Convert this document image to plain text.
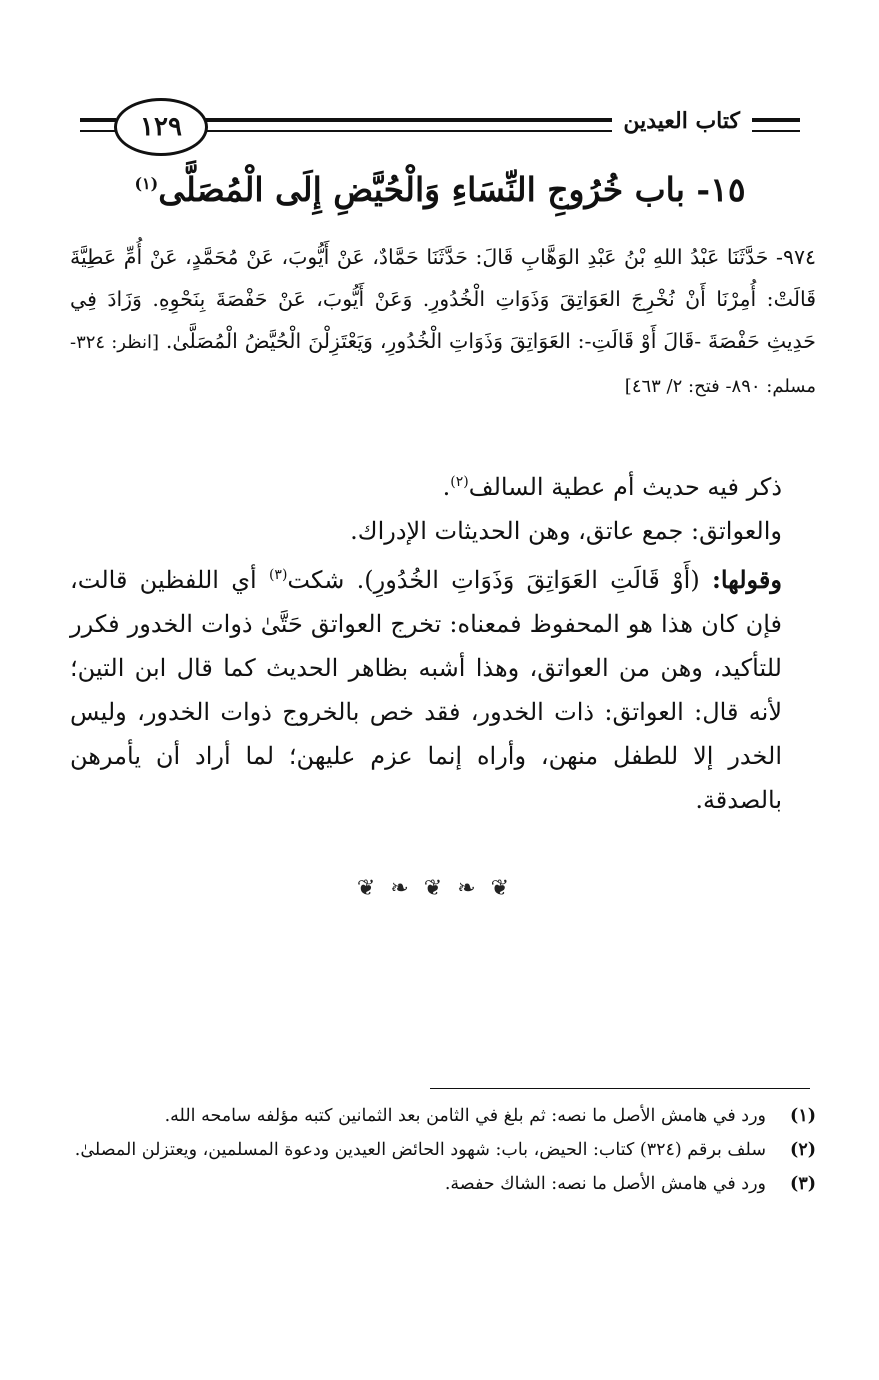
١٢٩	كتاب العيدين
١٥- باب خُرُوجِ النِّسَاءِ وَالْحُيَّضِ إِلَى الْمُصَلَّى$^{(١)}$
٩٧٤- حَدَّثَنَا عَبْدُ اللهِ بْنُ عَبْدِ الوَهَّابِ قَالَ: حَدَّثَنَا حَمَّادٌ، عَنْ أَيُّوبَ، عَنْ مُحَمَّدٍ، عَنْ أُمِّ عَطِيَّةَ قَالَتْ: أُمِرْنَا أَنْ نُخْرِجَ العَوَاتِقَ وَذَوَاتِ الْخُدُورِ. وَعَنْ أَيُّوبَ، عَنْ حَفْصَةَ بِنَحْوِهِ. وَزَادَ فِي حَدِيثِ حَفْصَةَ -قَالَ أَوْ قَالَتِ-: العَوَاتِقَ وَذَوَاتِ الْخُدُورِ، وَيَعْتَزِلْنَ الْحُيَّضُ الْمُصَلَّىٰ. [انظر: ٣٢٤- مسلم: ٨٩٠- فتح: ٢/ ٤٦٣]

ذكر فيه حديث أم عطية السالف$^{(٢)}$.

والعواتق: جمع عاتق، وهن الحديثات الإدراك.

وقولها: (أَوْ قَالَتِ العَوَاتِقَ وَذَوَاتِ الخُدُورِ). شكت$^{(٣)}$ أي اللفظين قالت، فإن كان هذا هو المحفوظ فمعناه: تخرج العواتق حَتَّىٰ ذوات الخدور فكرر للتأكيد، وهن من العواتق، وهذا أشبه بظاهر الحديث كما قال ابن التين؛ لأنه قال: العواتق: ذات الخدور، فقد خص بالخروج ذوات الخدور، وليس الخدر إلا للطفل منهن، وأراه إنما عزم عليهن؛ لما أراد أن يأمرهن بالصدقة.

❦ ❧ ❦ ❧ ❦
(١)
ورد في هامش الأصل ما نصه: ثم بلغ في الثامن بعد الثمانين كتبه مؤلفه سامحه الله.
(٢)
سلف برقم (٣٢٤) كتاب: الحيض، باب: شهود الحائض العيدين ودعوة المسلمين، ويعتزلن المصلىٰ.
(٣)
ورد في هامش الأصل ما نصه: الشاك حفصة.
